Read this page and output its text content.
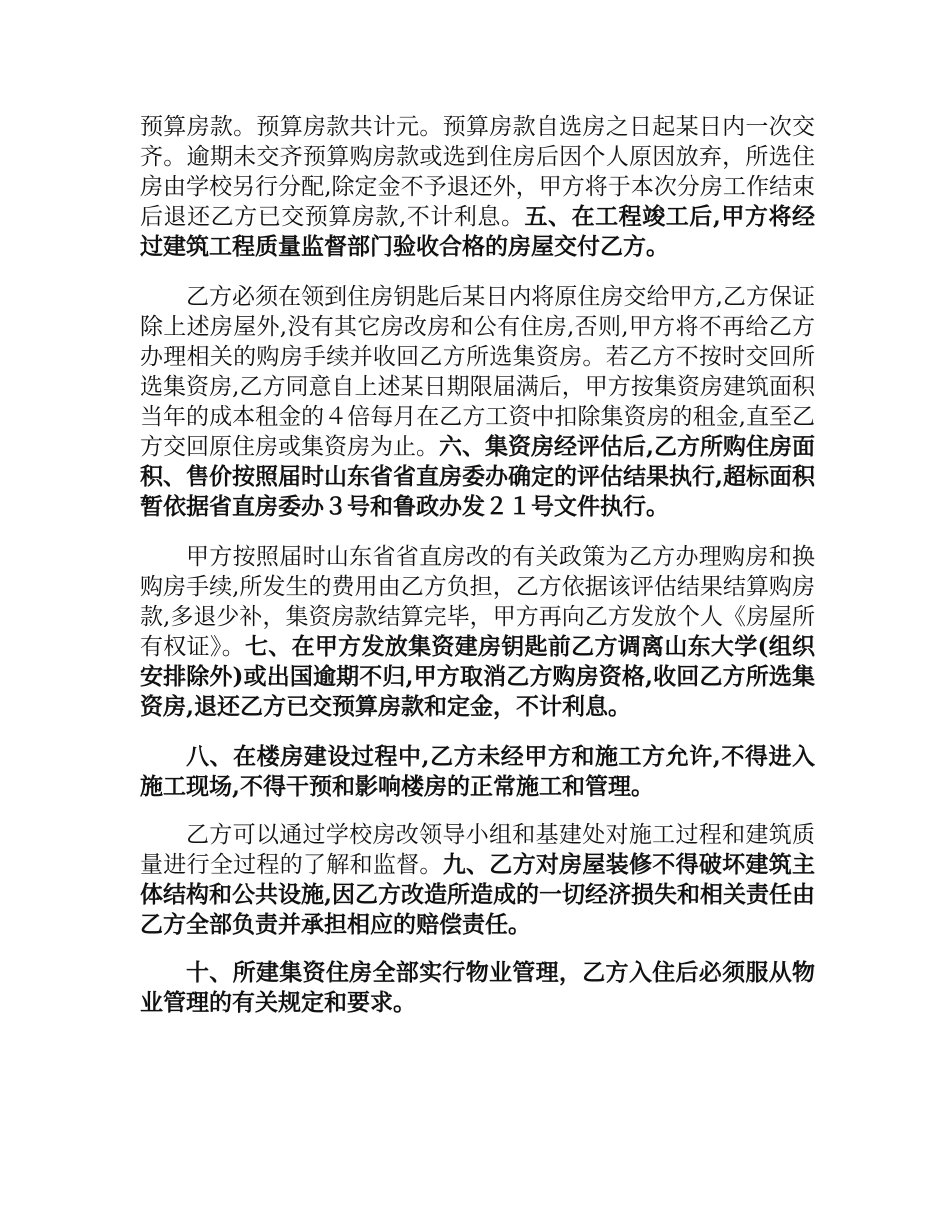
预算房款。预算房款共计元。预算房款自选房之日起某日内一次交齐。逾期未交齐预算购房款或选到住房后因个人原因放弃，所选住房由学校另行分配,除定金不予退还外，甲方将于本次分房工作结束后退还乙方已交预算房款,不计利息。五、在工程竣工后,甲方将经过建筑工程质量监督部门验收合格的房屋交付乙方。

乙方必须在领到住房钥匙后某日内将原住房交给甲方,乙方保证除上述房屋外,没有其它房改房和公有住房,否则,甲方将不再给乙方办理相关的购房手续并收回乙方所选集资房。若乙方不按时交回所选集资房,乙方同意自上述某日期限届满后，甲方按集资房建筑面积当年的成本租金的４倍每月在乙方工资中扣除集资房的租金,直至乙方交回原住房或集资房为止。六、集资房经评估后,乙方所购住房面积、售价按照届时山东省省直房委办确定的评估结果执行,超标面积暂依据省直房委办３号和鲁政办发２１号文件执行。

甲方按照届时山东省省直房改的有关政策为乙方办理购房和换购房手续,所发生的费用由乙方负担，乙方依据该评估结果结算购房款,多退少补，集资房款结算完毕，甲方再向乙方发放个人《房屋所有权证》。七、在甲方发放集资建房钥匙前乙方调离山东大学(组织安排除外)或出国逾期不归,甲方取消乙方购房资格,收回乙方所选集资房,退还乙方已交预算房款和定金，不计利息。

八、在楼房建设过程中,乙方未经甲方和施工方允许,不得进入施工现场,不得干预和影响楼房的正常施工和管理。

乙方可以通过学校房改领导小组和基建处对施工过程和建筑质量进行全过程的了解和监督。九、乙方对房屋装修不得破坏建筑主体结构和公共设施,因乙方改造所造成的一切经济损失和相关责任由乙方全部负责并承担相应的赔偿责任。

十、所建集资住房全部实行物业管理，乙方入住后必须服从物业管理的有关规定和要求。
